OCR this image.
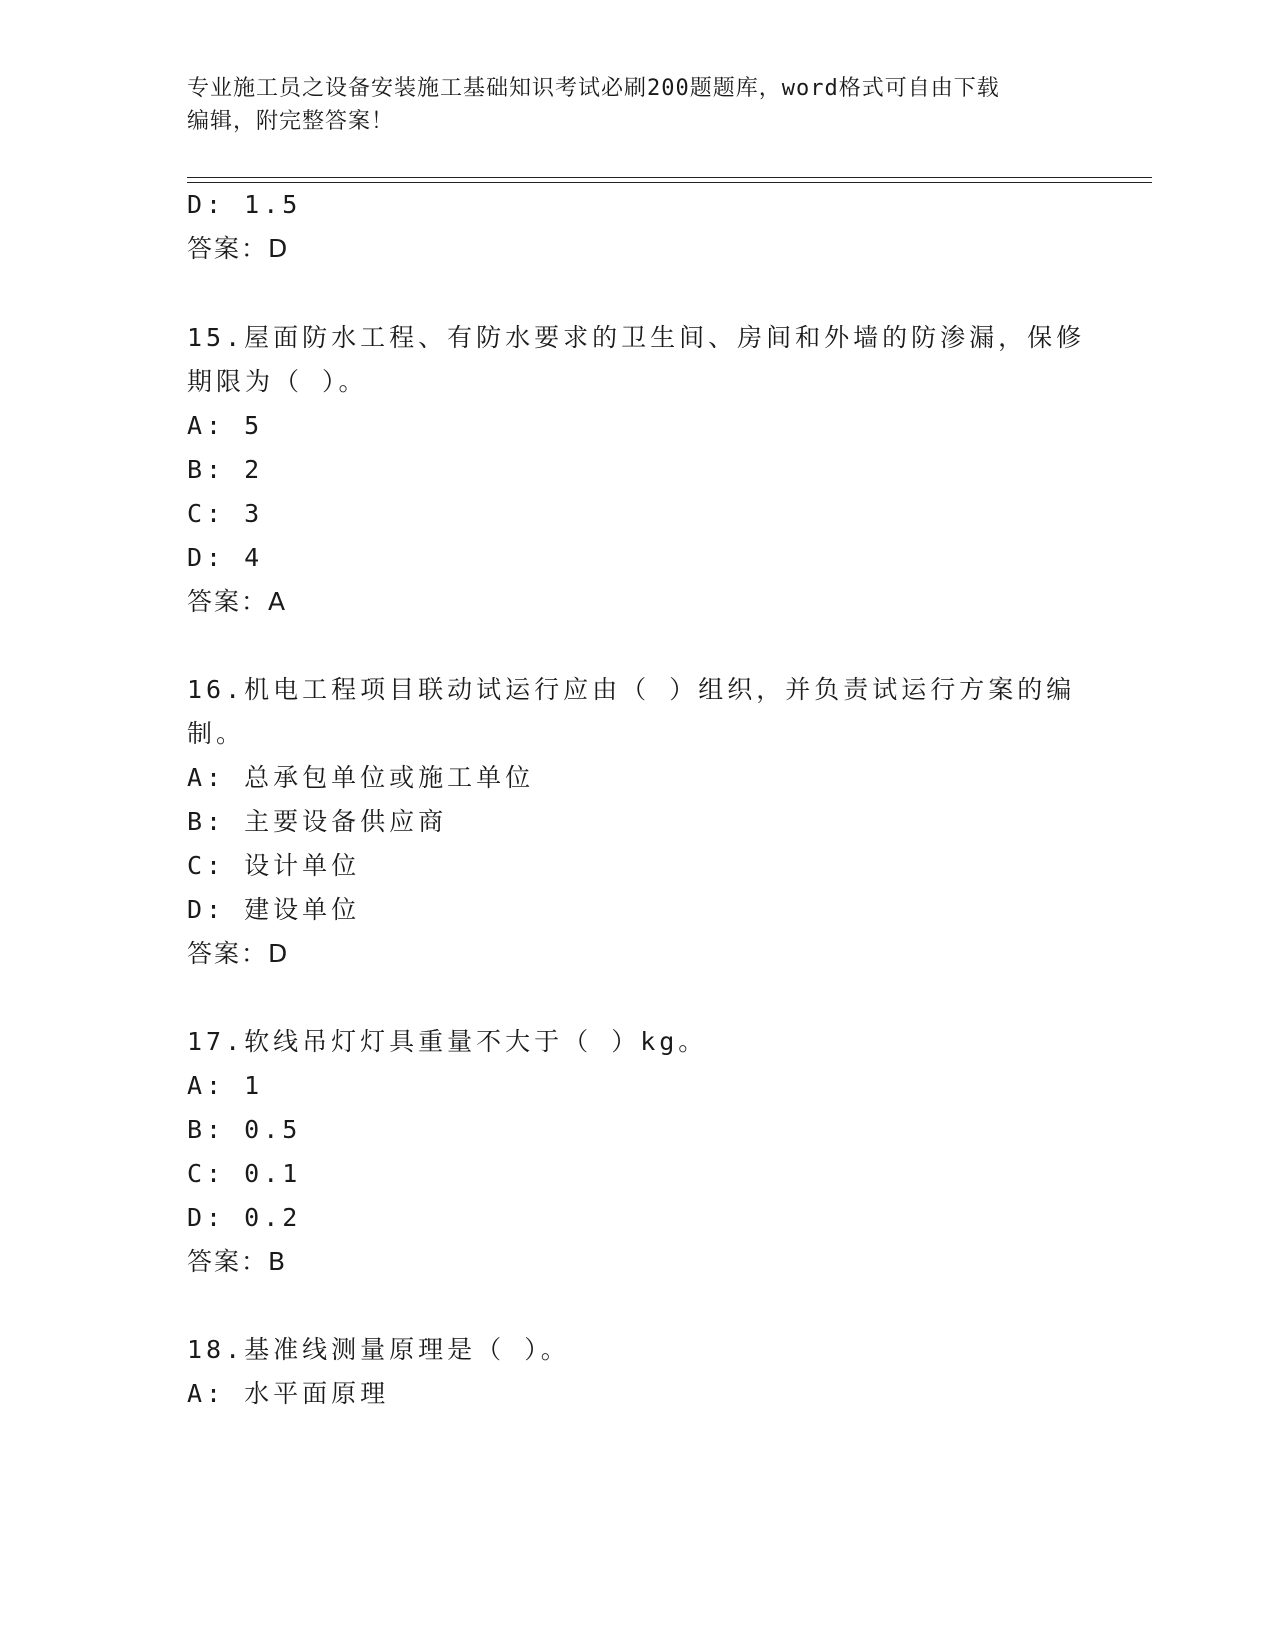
专业施工员之设备安装施工基础知识考试必刷200题题库，word格式可自由下载
编辑，附完整答案！
D: 1.5
答案：D
15.屋面防水工程、有防水要求的卫生间、房间和外墙的防渗漏，保修
期限为（ ）。
A: 5
B: 2
C: 3
D: 4
答案：A
16.机电工程项目联动试运行应由（ ）组织，并负责试运行方案的编
制。
A: 总承包单位或施工单位
B: 主要设备供应商
C: 设计单位
D: 建设单位
答案：D
17.软线吊灯灯具重量不大于（ ）kg。
A: 1
B: 0.5
C: 0.1
D: 0.2
答案：B
18.基准线测量原理是（ ）。
A: 水平面原理
